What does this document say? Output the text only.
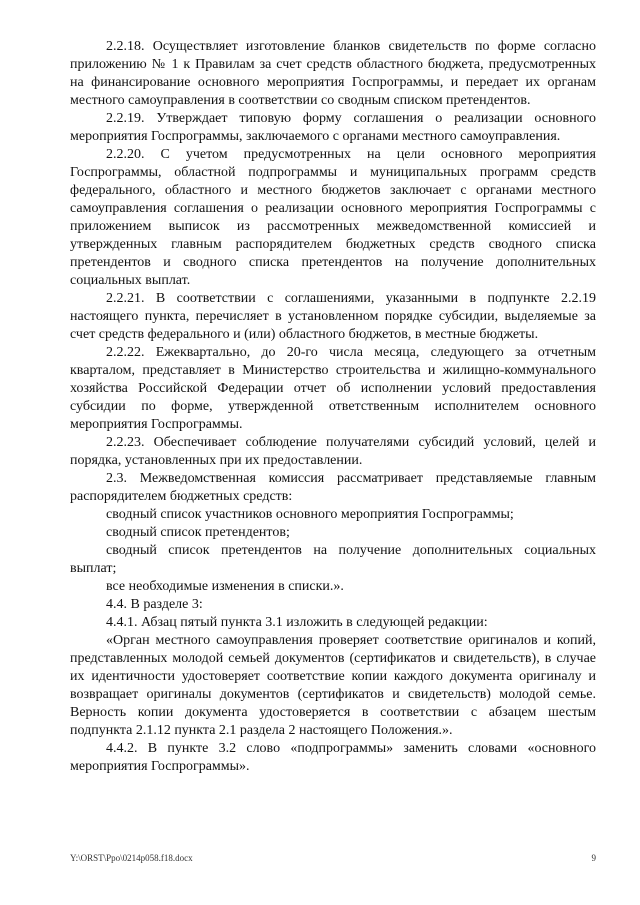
2.2.18. Осуществляет изготовление бланков свидетельств по форме согласно приложению № 1 к Правилам за счет средств областного бюджета, предусмотренных на финансирование основного мероприятия Госпрограммы, и передает их органам местного самоуправления в соответствии со сводным списком претендентов.

2.2.19. Утверждает типовую форму соглашения о реализации основного мероприятия Госпрограммы, заключаемого с органами местного самоуправления.

2.2.20. С учетом предусмотренных на цели основного мероприятия Госпрограммы, областной подпрограммы и муниципальных программ средств федерального, областного и местного бюджетов заключает с органами местного самоуправления соглашения о реализации основного мероприятия Госпрограммы с приложением выписок из рассмотренных межведомственной комиссией и утвержденных главным распорядителем бюджетных средств сводного списка претендентов и сводного списка претендентов на получение дополнительных социальных выплат.

2.2.21. В соответствии с соглашениями, указанными в подпункте 2.2.19 настоящего пункта, перечисляет в установленном порядке субсидии, выделяемые за счет средств федерального и (или) областного бюджетов, в местные бюджеты.

2.2.22. Ежеквартально, до 20-го числа месяца, следующего за отчетным кварталом, представляет в Министерство строительства и жилищно-коммунального хозяйства Российской Федерации отчет об исполнении условий предоставления субсидии по форме, утвержденной ответственным исполнителем основного мероприятия Госпрограммы.

2.2.23. Обеспечивает соблюдение получателями субсидий условий, целей и порядка, установленных при их предоставлении.

2.3. Межведомственная комиссия рассматривает представляемые главным распорядителем бюджетных средств:

сводный список участников основного мероприятия Госпрограммы;

сводный список претендентов;

сводный список претендентов на получение дополнительных социальных выплат;

все необходимые изменения в списки.».

4.4. В разделе 3:

4.4.1. Абзац пятый пункта 3.1 изложить в следующей редакции:

«Орган местного самоуправления проверяет соответствие оригиналов и копий, представленных молодой семьей документов (сертификатов и свидетельств), в случае их идентичности удостоверяет соответствие копии каждого документа оригиналу и возвращает оригиналы документов (сертификатов и свидетельств) молодой семье. Верность копии документа удостоверяется в соответствии с абзацем шестым подпункта 2.1.12 пункта 2.1 раздела 2 настоящего Положения.».

4.4.2. В пункте 3.2 слово «подпрограммы» заменить словами «основного мероприятия Госпрограммы».

Y:\ORST\Ppo\0214p058.f18.docx	9
